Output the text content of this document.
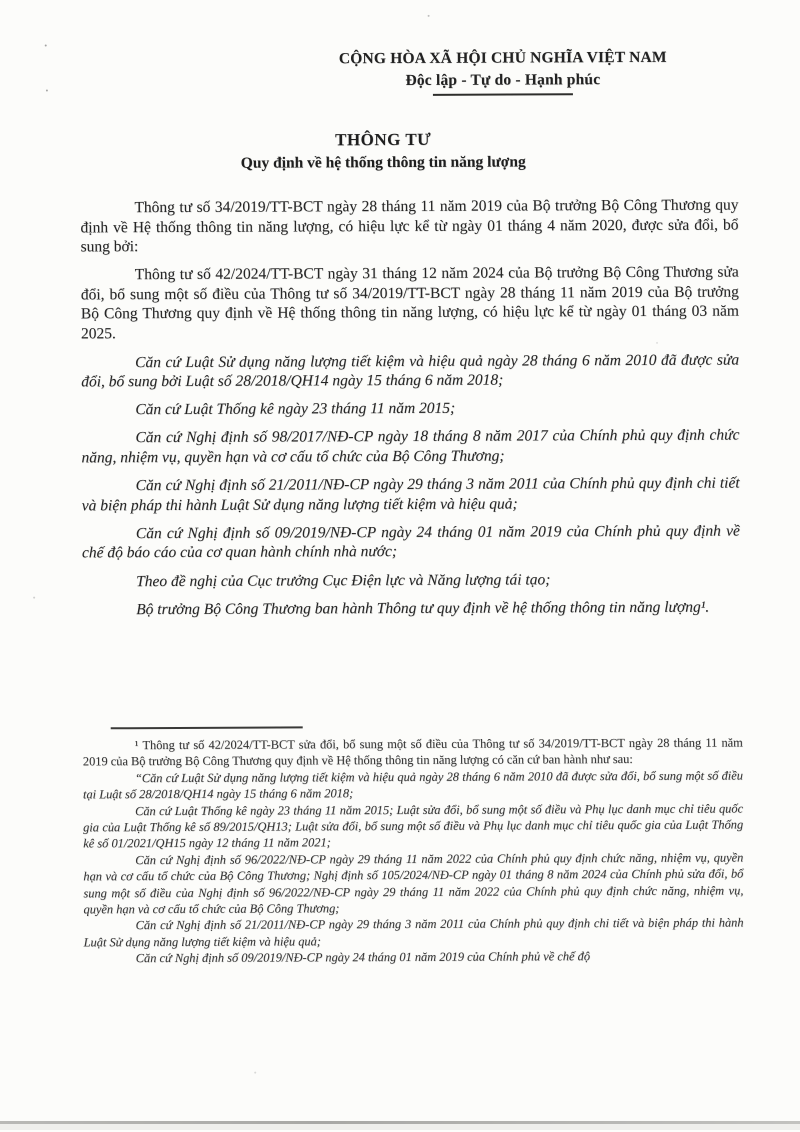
CỘNG HÒA XÃ HỘI CHỦ NGHĨA VIỆT NAM
Độc lập - Tự do - Hạnh phúc
THÔNG TƯ
Quy định về hệ thống thông tin năng lượng

Thông tư số 34/2019/TT-BCT ngày 28 tháng 11 năm 2019 của Bộ trưởng Bộ Công Thương quy định về Hệ thống thông tin năng lượng, có hiệu lực kể từ ngày 01 tháng 4 năm 2020, được sửa đổi, bổ sung bởi:

Thông tư số 42/2024/TT-BCT ngày 31 tháng 12 năm 2024 của Bộ trưởng Bộ Công Thương sửa đổi, bổ sung một số điều của Thông tư số 34/2019/TT-BCT ngày 28 tháng 11 năm 2019 của Bộ trưởng Bộ Công Thương quy định về Hệ thống thông tin năng lượng, có hiệu lực kể từ ngày 01 tháng 03 năm 2025.

Căn cứ Luật Sử dụng năng lượng tiết kiệm và hiệu quả ngày 28 tháng 6 năm 2010 đã được sửa đổi, bổ sung bởi Luật số 28/2018/QH14 ngày 15 tháng 6 năm 2018;

Căn cứ Luật Thống kê ngày 23 tháng 11 năm 2015;

Căn cứ Nghị định số 98/2017/NĐ-CP ngày 18 tháng 8 năm 2017 của Chính phủ quy định chức năng, nhiệm vụ, quyền hạn và cơ cấu tổ chức của Bộ Công Thương;

Căn cứ Nghị định số 21/2011/NĐ-CP ngày 29 tháng 3 năm 2011 của Chính phủ quy định chi tiết và biện pháp thi hành Luật Sử dụng năng lượng tiết kiệm và hiệu quả;

Căn cứ Nghị định số 09/2019/NĐ-CP ngày 24 tháng 01 năm 2019 của Chính phủ quy định về chế độ báo cáo của cơ quan hành chính nhà nước;

Theo đề nghị của Cục trưởng Cục Điện lực và Năng lượng tái tạo;

Bộ trưởng Bộ Công Thương ban hành Thông tư quy định về hệ thống thông tin năng lượng¹.

¹ Thông tư số 42/2024/TT-BCT sửa đổi, bổ sung một số điều của Thông tư số 34/2019/TT-BCT ngày 28 tháng 11 năm 2019 của Bộ trưởng Bộ Công Thương quy định về Hệ thống thông tin năng lượng có căn cứ ban hành như sau:

“Căn cứ Luật Sử dụng năng lượng tiết kiệm và hiệu quả ngày 28 tháng 6 năm 2010 đã được sửa đổi, bổ sung một số điều tại Luật số 28/2018/QH14 ngày 15 tháng 6 năm 2018;

Căn cứ Luật Thống kê ngày 23 tháng 11 năm 2015; Luật sửa đổi, bổ sung một số điều và Phụ lục danh mục chỉ tiêu quốc gia của Luật Thống kê số 89/2015/QH13; Luật sửa đổi, bổ sung một số điều và Phụ lục danh mục chỉ tiêu quốc gia của Luật Thống kê số 01/2021/QH15 ngày 12 tháng 11 năm 2021;

Căn cứ Nghị định số 96/2022/NĐ-CP ngày 29 tháng 11 năm 2022 của Chính phủ quy định chức năng, nhiệm vụ, quyền hạn và cơ cấu tổ chức của Bộ Công Thương; Nghị định số 105/2024/NĐ-CP ngày 01 tháng 8 năm 2024 của Chính phủ sửa đổi, bổ sung một số điều của Nghị định số 96/2022/NĐ-CP ngày 29 tháng 11 năm 2022 của Chính phủ quy định chức năng, nhiệm vụ, quyền hạn và cơ cấu tổ chức của Bộ Công Thương;

Căn cứ Nghị định số 21/2011/NĐ-CP ngày 29 tháng 3 năm 2011 của Chính phủ quy định chi tiết và biện pháp thi hành Luật Sử dụng năng lượng tiết kiệm và hiệu quả;

Căn cứ Nghị định số 09/2019/NĐ-CP ngày 24 tháng 01 năm 2019 của Chính phủ về chế độ
